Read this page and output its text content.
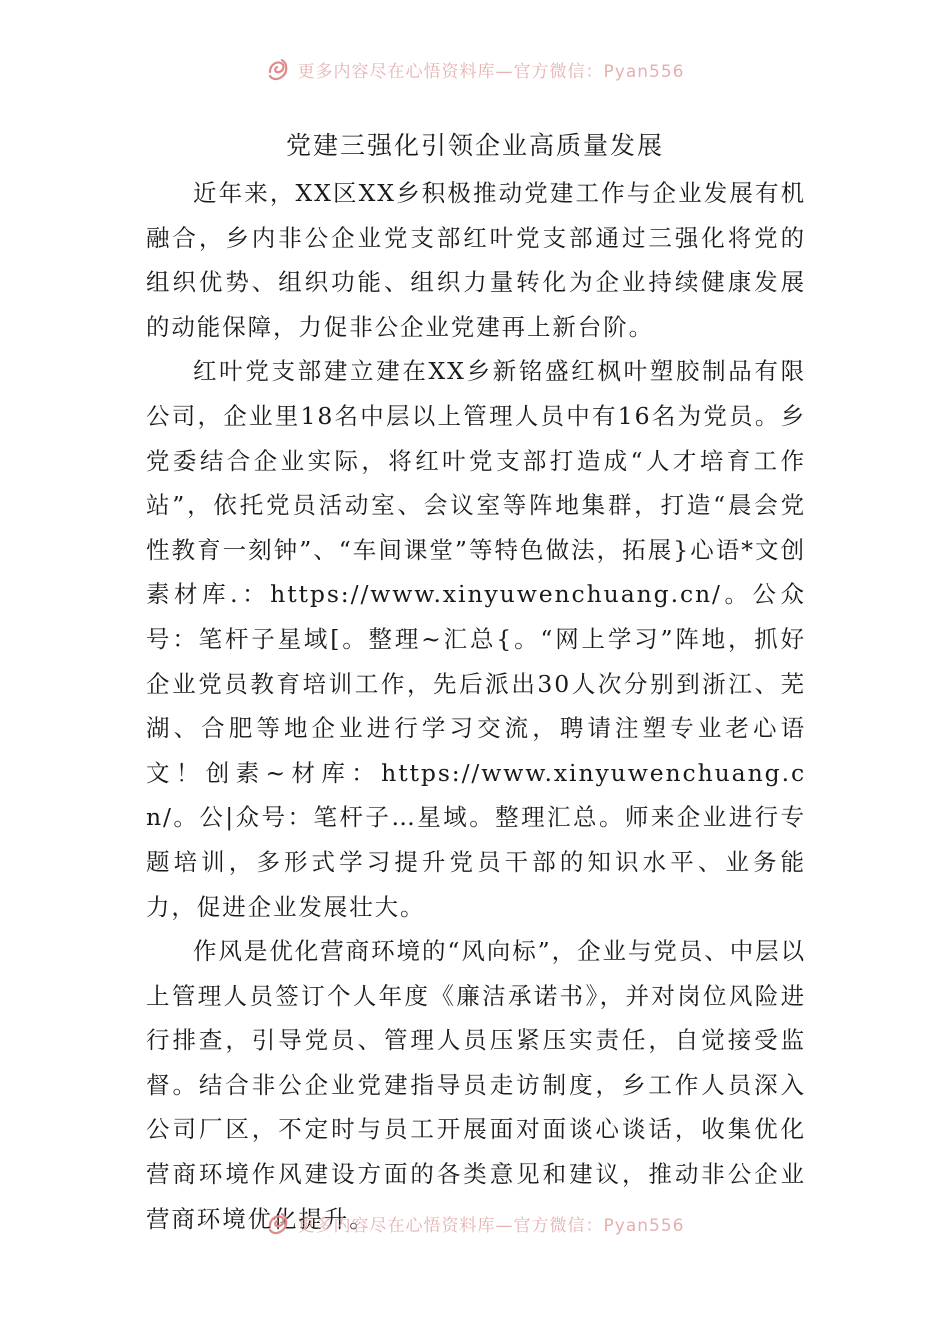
更多内容尽在心悟资料库—官方微信：Pyan556
党建三强化引领企业高质量发展

近年来，XX区XX乡积极推动党建工作与企业发展有机融合，乡内非公企业党支部红叶党支部通过三强化将党的组织优势、组织功能、组织力量转化为企业持续健康发展的动能保障，力促非公企业党建再上新台阶。

红叶党支部建立建在XX乡新铭盛红枫叶塑胶制品有限公司，企业里18名中层以上管理人员中有16名为党员。乡党委结合企业实际，将红叶党支部打造成“人才培育工作站”，依托党员活动室、会议室等阵地集群，打造“晨会党性教育一刻钟”、“车间课堂”等特色做法，拓展}心语*文创素材库.：https://www.xinyuwenchuang.cn/。公众号：笔杆子星域[。整理~汇总{。“网上学习”阵地，抓好企业党员教育培训工作，先后派出30人次分别到浙江、芜湖、合肥等地企业进行学习交流，聘请注塑专业老心语文！创素~材库：https://www.xinyuwenchuang.cn/。公|众号：笔杆子…星域。整理汇总。师来企业进行专题培训，多形式学习提升党员干部的知识水平、业务能力，促进企业发展壮大。

作风是优化营商环境的“风向标”，企业与党员、中层以上管理人员签订个人年度《廉洁承诺书》，并对岗位风险进行排查，引导党员、管理人员压紧压实责任，自觉接受监督。结合非公企业党建指导员走访制度，乡工作人员深入公司厂区，不定时与员工开展面对面谈心谈话，收集优化营商环境作风建设方面的各类意见和建议，推动非公企业营商环境优化提升。

更多内容尽在心悟资料库—官方微信：Pyan556
